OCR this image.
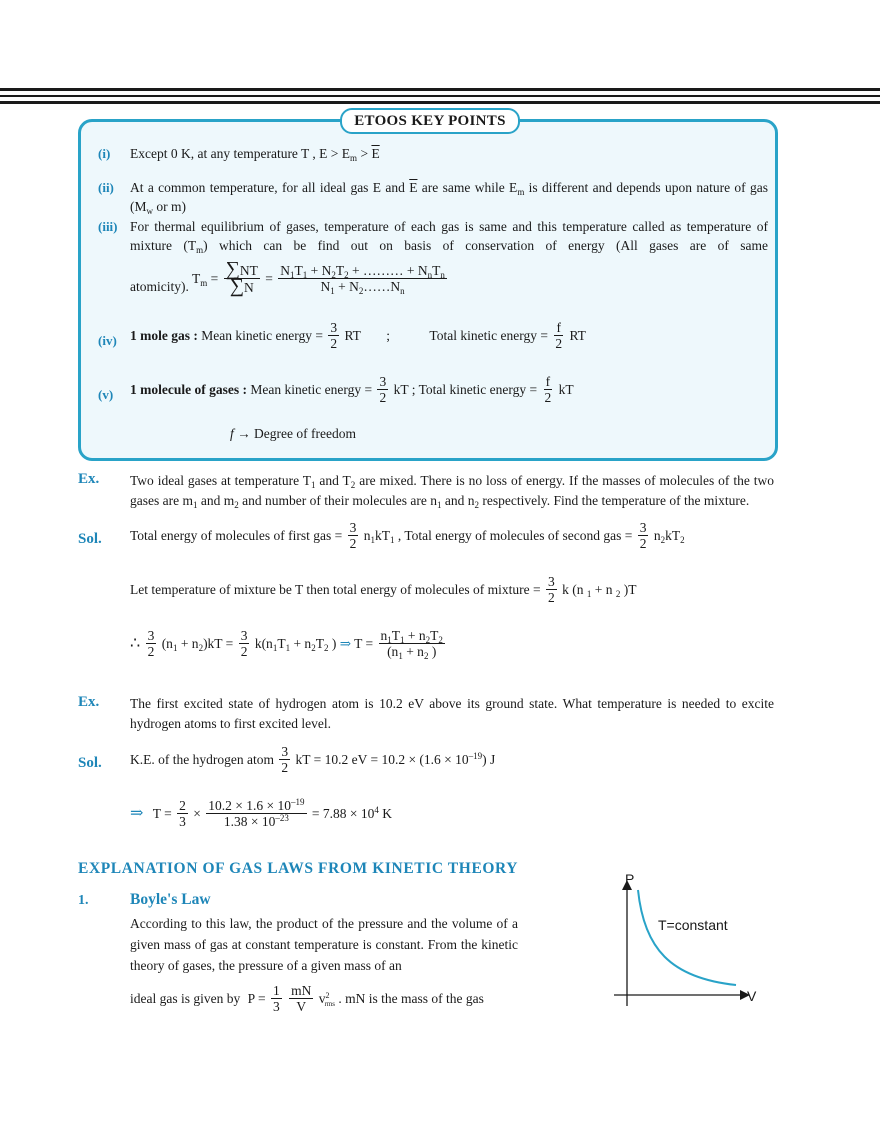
ETOOS KEY POINTS
(i) Except 0 K, at any temperature T , $E > E_m > \overline{E}$
(ii) At a common temperature, for all ideal gas E and $\overline{E}$ are same while $E_m$ is different and depends upon nature of gas ($M_w$ or m)
(iii) For thermal equilibrium of gases, temperature of each gas is same and this temperature called as temperature of mixture $(T_m)$ which can be find out on basis of conservation of energy (All gases are of same
atomicity).
$T_m = \frac{\sum NT}{\sum N} = \frac{N_1T_1 + N_2T_2 + \dots\dots\dots + N_nT_n}{N_1 + N_2\dots\dots N_n}$
(iv) 1 mole gas : Mean kinetic energy = $\frac{3}{2}$ RT ;	Total kinetic energy = $\frac{f}{2}$ RT
(v) 1 molecule of gases : Mean kinetic energy = $\frac{3}{2}$ kT ; Total kinetic energy = $\frac{f}{2}$ kT
f → Degree of freedom
Ex. Two ideal gases at temperature $T_1$ and $T_2$ are mixed. There is no loss of energy. If the masses of molecules of the two gases are $m_1$ and $m_2$ and number of their molecules are $n_1$ and $n_2$ respectively. Find the temperature of the mixture.
Sol. Total energy of molecules of first gas = $\frac{3}{2} n_1kT_1$ , Total energy of molecules of second gas = $\frac{3}{2} n_2kT_2$
Let temperature of mixture be T then total energy of molecules of mixture = $\frac{3}{2}$ k (n $_1$ + n $_2$ )T
∴ $\frac{3}{2} (n_1 + n_2)kT = \frac{3}{2} k(n_1T_1 + n_2T_2$ ) ⇒ $T = \frac{n_1T_1 + n_2T_2}{(n_1 + n_2 )}$
Ex. The first excited state of hydrogen atom is 10.2 eV above its ground state. What temperature is needed to excite hydrogen atoms to first excited level.
Sol. K.E. of the hydrogen atom $\frac{3}{2}$ kT = 10.2 eV = $10.2 \times (1.6 \times 10^{-19})$ J
⇒ $T = \frac{2}{3} \times \frac{10.2 \times 1.6 \times 10^{-19}}{1.38 \times 10^{-23}} = 7.88 \times 10^4$ K
EXPLANATION OF GAS LAWS FROM KINETIC THEORY
1.	Boyle's Law
According to this law, the product of the pressure and the volume of a given mass of gas at constant temperature is constant. From the kinetic theory of gases, the pressure of a given mass of an
ideal gas is given by $P = \frac{1}{3}$
$\frac{mN}{V} v^2_{rms}$ . mN is the mass of the gas
P
V
T=constant
